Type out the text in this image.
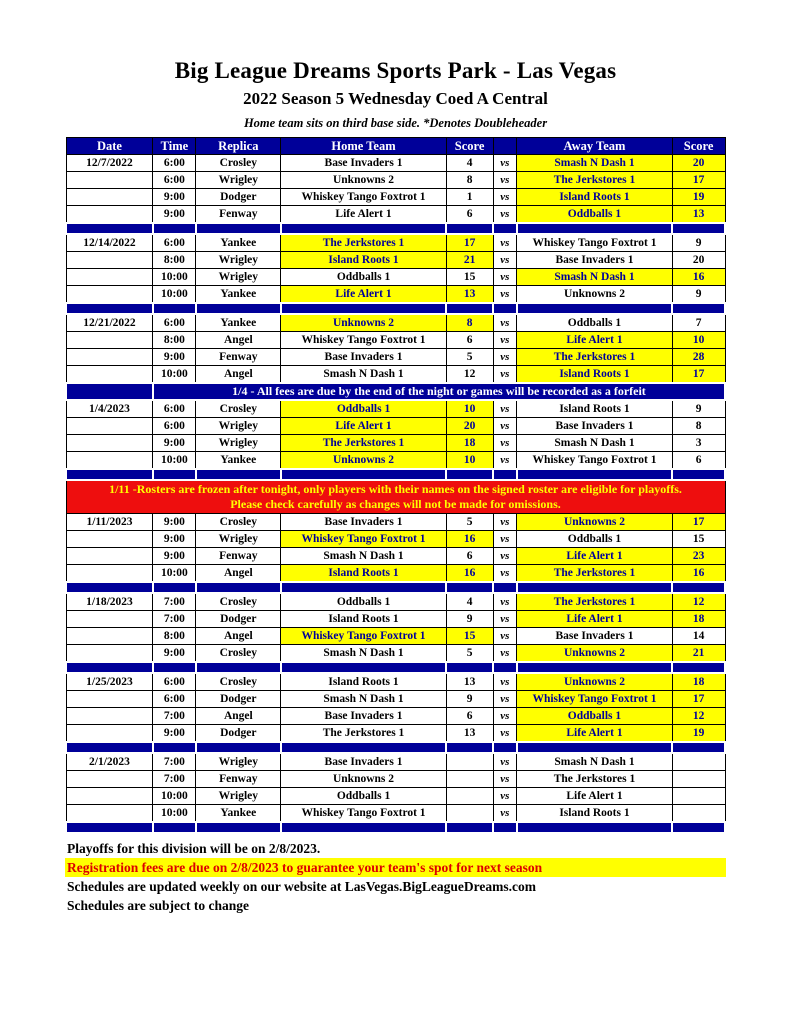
Big League Dreams Sports Park - Las Vegas
2022 Season 5 Wednesday Coed A Central
Home team sits on third base side. *Denotes Doubleheader
Date	Time	Replica	Home Team	Score		Away Team	Score
12/7/2022	6:00	Crosley	Base Invaders 1	4	vs	Smash N Dash 1	20
	6:00	Wrigley	Unknowns 2	8	vs	The Jerkstores 1	17
	9:00	Dodger	Whiskey Tango Foxtrot 1	1	vs	Island Roots 1	19
	9:00	Fenway	Life Alert 1	6	vs	Oddballs 1	13

12/14/2022	6:00	Yankee	The Jerkstores 1	17	vs	Whiskey Tango Foxtrot 1	9
	8:00	Wrigley	Island Roots 1	21	vs	Base Invaders 1	20
	10:00	Wrigley	Oddballs 1	15	vs	Smash N Dash 1	16
	10:00	Yankee	Life Alert 1	13	vs	Unknowns 2	9

12/21/2022	6:00	Yankee	Unknowns 2	8	vs	Oddballs 1	7
	8:00	Angel	Whiskey Tango Foxtrot 1	6	vs	Life Alert 1	10
	9:00	Fenway	Base Invaders 1	5	vs	The Jerkstores 1	28
	10:00	Angel	Smash N Dash 1	12	vs	Island Roots 1	17
	1/4 - All fees are due by the end of the night or games will be recorded as a forfeit						
1/4/2023	6:00	Crosley	Oddballs 1	10	vs	Island Roots 1	9
	6:00	Wrigley	Life Alert 1	20	vs	Base Invaders 1	8
	9:00	Wrigley	The Jerkstores 1	18	vs	Smash N Dash 1	3
	10:00	Yankee	Unknowns 2	10	vs	Whiskey Tango Foxtrot 1	6

1/11 -Rosters are frozen after tonight, only players with their names on the signed roster are eligible for playoffs.
Please check carefully as changes will not be made for omissions.							

1/11/2023	9:00	Crosley	Base Invaders 1	5	vs	Unknowns 2	17
	9:00	Wrigley	Whiskey Tango Foxtrot 1	16	vs	Oddballs 1	15
	9:00	Fenway	Smash N Dash 1	6	vs	Life Alert 1	23
	10:00	Angel	Island Roots 1	16	vs	The Jerkstores 1	16

1/18/2023	7:00	Crosley	Oddballs 1	4	vs	The Jerkstores 1	12
	7:00	Dodger	Island Roots 1	9	vs	Life Alert 1	18
	8:00	Angel	Whiskey Tango Foxtrot 1	15	vs	Base Invaders 1	14
	9:00	Crosley	Smash N Dash 1	5	vs	Unknowns 2	21

1/25/2023	6:00	Crosley	Island Roots 1	13	vs	Unknowns 2	18
	6:00	Dodger	Smash N Dash 1	9	vs	Whiskey Tango Foxtrot 1	17
	7:00	Angel	Base Invaders 1	6	vs	Oddballs 1	12
	9:00	Dodger	The Jerkstores 1	13	vs	Life Alert 1	19

2/1/2023	7:00	Wrigley	Base Invaders 1		vs	Smash N Dash 1	
	7:00	Fenway	Unknowns 2		vs	The Jerkstores 1	
	10:00	Wrigley	Oddballs 1		vs	Life Alert 1	
	10:00	Yankee	Whiskey Tango Foxtrot 1		vs	Island Roots 1	

Playoffs for this division will be on 2/8/2023.
Registration fees are due on 2/8/2023 to guarantee your team's spot for next season
Schedules are updated weekly on our website at LasVegas.BigLeagueDreams.com
Schedules are subject to change
